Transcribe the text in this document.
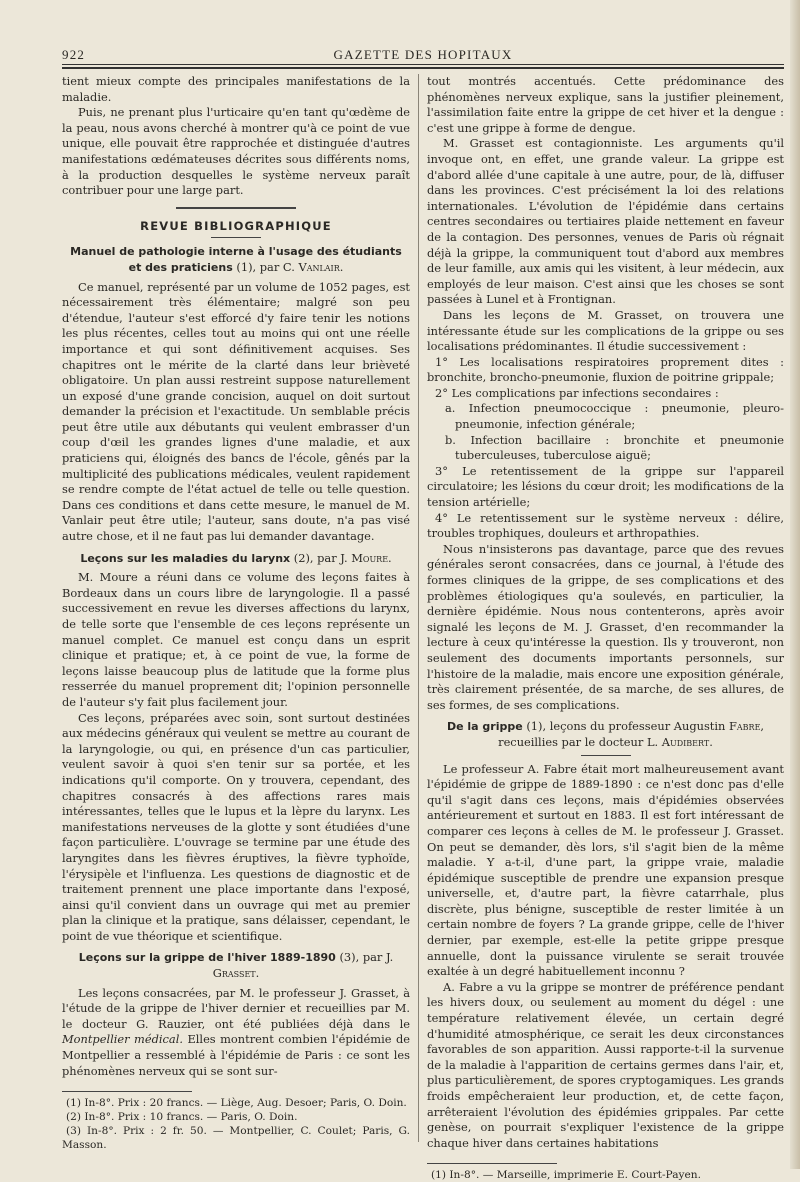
922	GAZETTE DES HOPITAUX

tient mieux compte des principales manifestations de la maladie.

Puis, ne prenant plus l'urticaire qu'en tant qu'œdème de la peau, nous avons cherché à montrer qu'à ce point de vue unique, elle pouvait être rapprochée et distinguée d'autres manifestations œdémateuses décrites sous différents noms, à la production desquelles le système nerveux paraît contribuer pour une large part.

REVUE BIBLIOGRAPHIQUE
Manuel de pathologie interne à l'usage des étudiants et des praticiens (1), par C. Vanlair.

Ce manuel, représenté par un volume de 1052 pages, est nécessairement très élémentaire; malgré son peu d'étendue, l'auteur s'est efforcé d'y faire tenir les notions les plus récentes, celles tout au moins qui ont une réelle importance et qui sont définitivement acquises. Ses chapitres ont le mérite de la clarté dans leur brièveté obligatoire. Un plan aussi restreint suppose naturellement un exposé d'une grande concision, auquel on doit surtout demander la précision et l'exactitude. Un semblable précis peut être utile aux débutants qui veulent embrasser d'un coup d'œil les grandes lignes d'une maladie, et aux praticiens qui, éloignés des bancs de l'école, gênés par la multiplicité des publications médicales, veulent rapidement se rendre compte de l'état actuel de telle ou telle question. Dans ces conditions et dans cette mesure, le manuel de M. Vanlair peut être utile; l'auteur, sans doute, n'a pas visé autre chose, et il ne faut pas lui demander davantage.

Leçons sur les maladies du larynx (2), par J. Moure.

M. Moure a réuni dans ce volume des leçons faites à Bordeaux dans un cours libre de laryngologie. Il a passé successivement en revue les diverses affections du larynx, de telle sorte que l'ensemble de ces leçons représente un manuel complet. Ce manuel est conçu dans un esprit clinique et pratique; et, à ce point de vue, la forme de leçons laisse beaucoup plus de latitude que la forme plus resserrée du manuel proprement dit; l'opinion personnelle de l'auteur s'y fait plus facilement jour.

Ces leçons, préparées avec soin, sont surtout destinées aux médecins généraux qui veulent se mettre au courant de la laryngologie, ou qui, en présence d'un cas particulier, veulent savoir à quoi s'en tenir sur sa portée, et les indications qu'il comporte. On y trouvera, cependant, des chapitres consacrés à des affections rares mais intéressantes, telles que le lupus et la lèpre du larynx. Les manifestations nerveuses de la glotte y sont étudiées d'une façon particulière. L'ouvrage se termine par une étude des laryngites dans les fièvres éruptives, la fièvre typhoïde, l'érysipèle et l'influenza. Les questions de diagnostic et de traitement prennent une place importante dans l'exposé, ainsi qu'il convient dans un ouvrage qui met au premier plan la clinique et la pratique, sans délaisser, cependant, le point de vue théorique et scientifique.

Leçons sur la grippe de l'hiver 1889-1890 (3), par J. Grasset.

Les leçons consacrées, par M. le professeur J. Grasset, à l'étude de la grippe de l'hiver dernier et recueillies par M. le docteur G. Rauzier, ont été publiées déjà dans le Montpellier médical. Elles montrent combien l'épidémie de Montpellier a ressemblé à l'épidémie de Paris : ce sont les phénomènes nerveux qui se sont sur-

(1) In-8°. Prix : 20 francs. — Liège, Aug. Desoer; Paris, O. Doin.

(2) In-8°. Prix : 10 francs. — Paris, O. Doin.

(3) In-8°. Prix : 2 fr. 50. — Montpellier, C. Coulet; Paris, G. Masson.

tout montrés accentués. Cette prédominance des phénomènes nerveux explique, sans la justifier pleinement, l'assimilation faite entre la grippe de cet hiver et la dengue : c'est une grippe à forme de dengue.

M. Grasset est contagionniste. Les arguments qu'il invoque ont, en effet, une grande valeur. La grippe est d'abord allée d'une capitale à une autre, pour, de là, diffuser dans les provinces. C'est précisément la loi des relations internationales. L'évolution de l'épidémie dans certains centres secondaires ou tertiaires plaide nettement en faveur de la contagion. Des personnes, venues de Paris où régnait déjà la grippe, la communiquent tout d'abord aux membres de leur famille, aux amis qui les visitent, à leur médecin, aux employés de leur maison. C'est ainsi que les choses se sont passées à Lunel et à Frontignan.

Dans les leçons de M. Grasset, on trouvera une intéressante étude sur les complications de la grippe ou ses localisations prédominantes. Il étudie successivement :

1° Les localisations respiratoires proprement dites : bronchite, broncho-pneumonie, fluxion de poitrine grippale;

2° Les complications par infections secondaires :

a. Infection pneumococcique : pneumonie, pleuro-pneumonie, infection générale;

b. Infection bacillaire : bronchite et pneumonie tuberculeuses, tuberculose aiguë;

3° Le retentissement de la grippe sur l'appareil circulatoire; les lésions du cœur droit; les modifications de la tension artérielle;

4° Le retentissement sur le système nerveux : délire, troubles trophiques, douleurs et arthropathies.

Nous n'insisterons pas davantage, parce que des revues générales seront consacrées, dans ce journal, à l'étude des formes cliniques de la grippe, de ses complications et des problèmes étiologiques qu'a soulevés, en particulier, la dernière épidémie. Nous nous contenterons, après avoir signalé les leçons de M. J. Grasset, d'en recommander la lecture à ceux qu'intéresse la question. Ils y trouveront, non seulement des documents importants personnels, sur l'histoire de la maladie, mais encore une exposition générale, très clairement présentée, de sa marche, de ses allures, de ses formes, de ses complications.

De la grippe (1), leçons du professeur Augustin Fabre,
recueillies par le docteur L. Audibert.

Le professeur A. Fabre était mort malheureusement avant l'épidémie de grippe de 1889-1890 : ce n'est donc pas d'elle qu'il s'agit dans ces leçons, mais d'épidémies observées antérieurement et surtout en 1883. Il est fort intéressant de comparer ces leçons à celles de M. le professeur J. Grasset. On peut se demander, dès lors, s'il s'agit bien de la même maladie. Y a-t-il, d'une part, la grippe vraie, maladie épidémique susceptible de prendre une expansion presque universelle, et, d'autre part, la fièvre catarrhale, plus discrète, plus bénigne, susceptible de rester limitée à un certain nombre de foyers ? La grande grippe, celle de l'hiver dernier, par exemple, est-elle la petite grippe presque annuelle, dont la puissance virulente se serait trouvée exaltée à un degré habituellement inconnu ?

A. Fabre a vu la grippe se montrer de préférence pendant les hivers doux, ou seulement au moment du dégel : une température relativement élevée, un certain degré d'humidité atmosphérique, ce serait les deux circonstances favorables de son apparition. Aussi rapporte-t-il la survenue de la maladie à l'apparition de certains germes dans l'air, et, plus particulièrement, de spores cryptogamiques. Les grands froids empêcheraient leur production, et, de cette façon, arrêteraient l'évolution des épidémies grippales. Par cette genèse, on pourrait s'expliquer l'existence de la grippe chaque hiver dans certaines habitations

(1) In-8°. — Marseille, imprimerie E. Court-Payen.
